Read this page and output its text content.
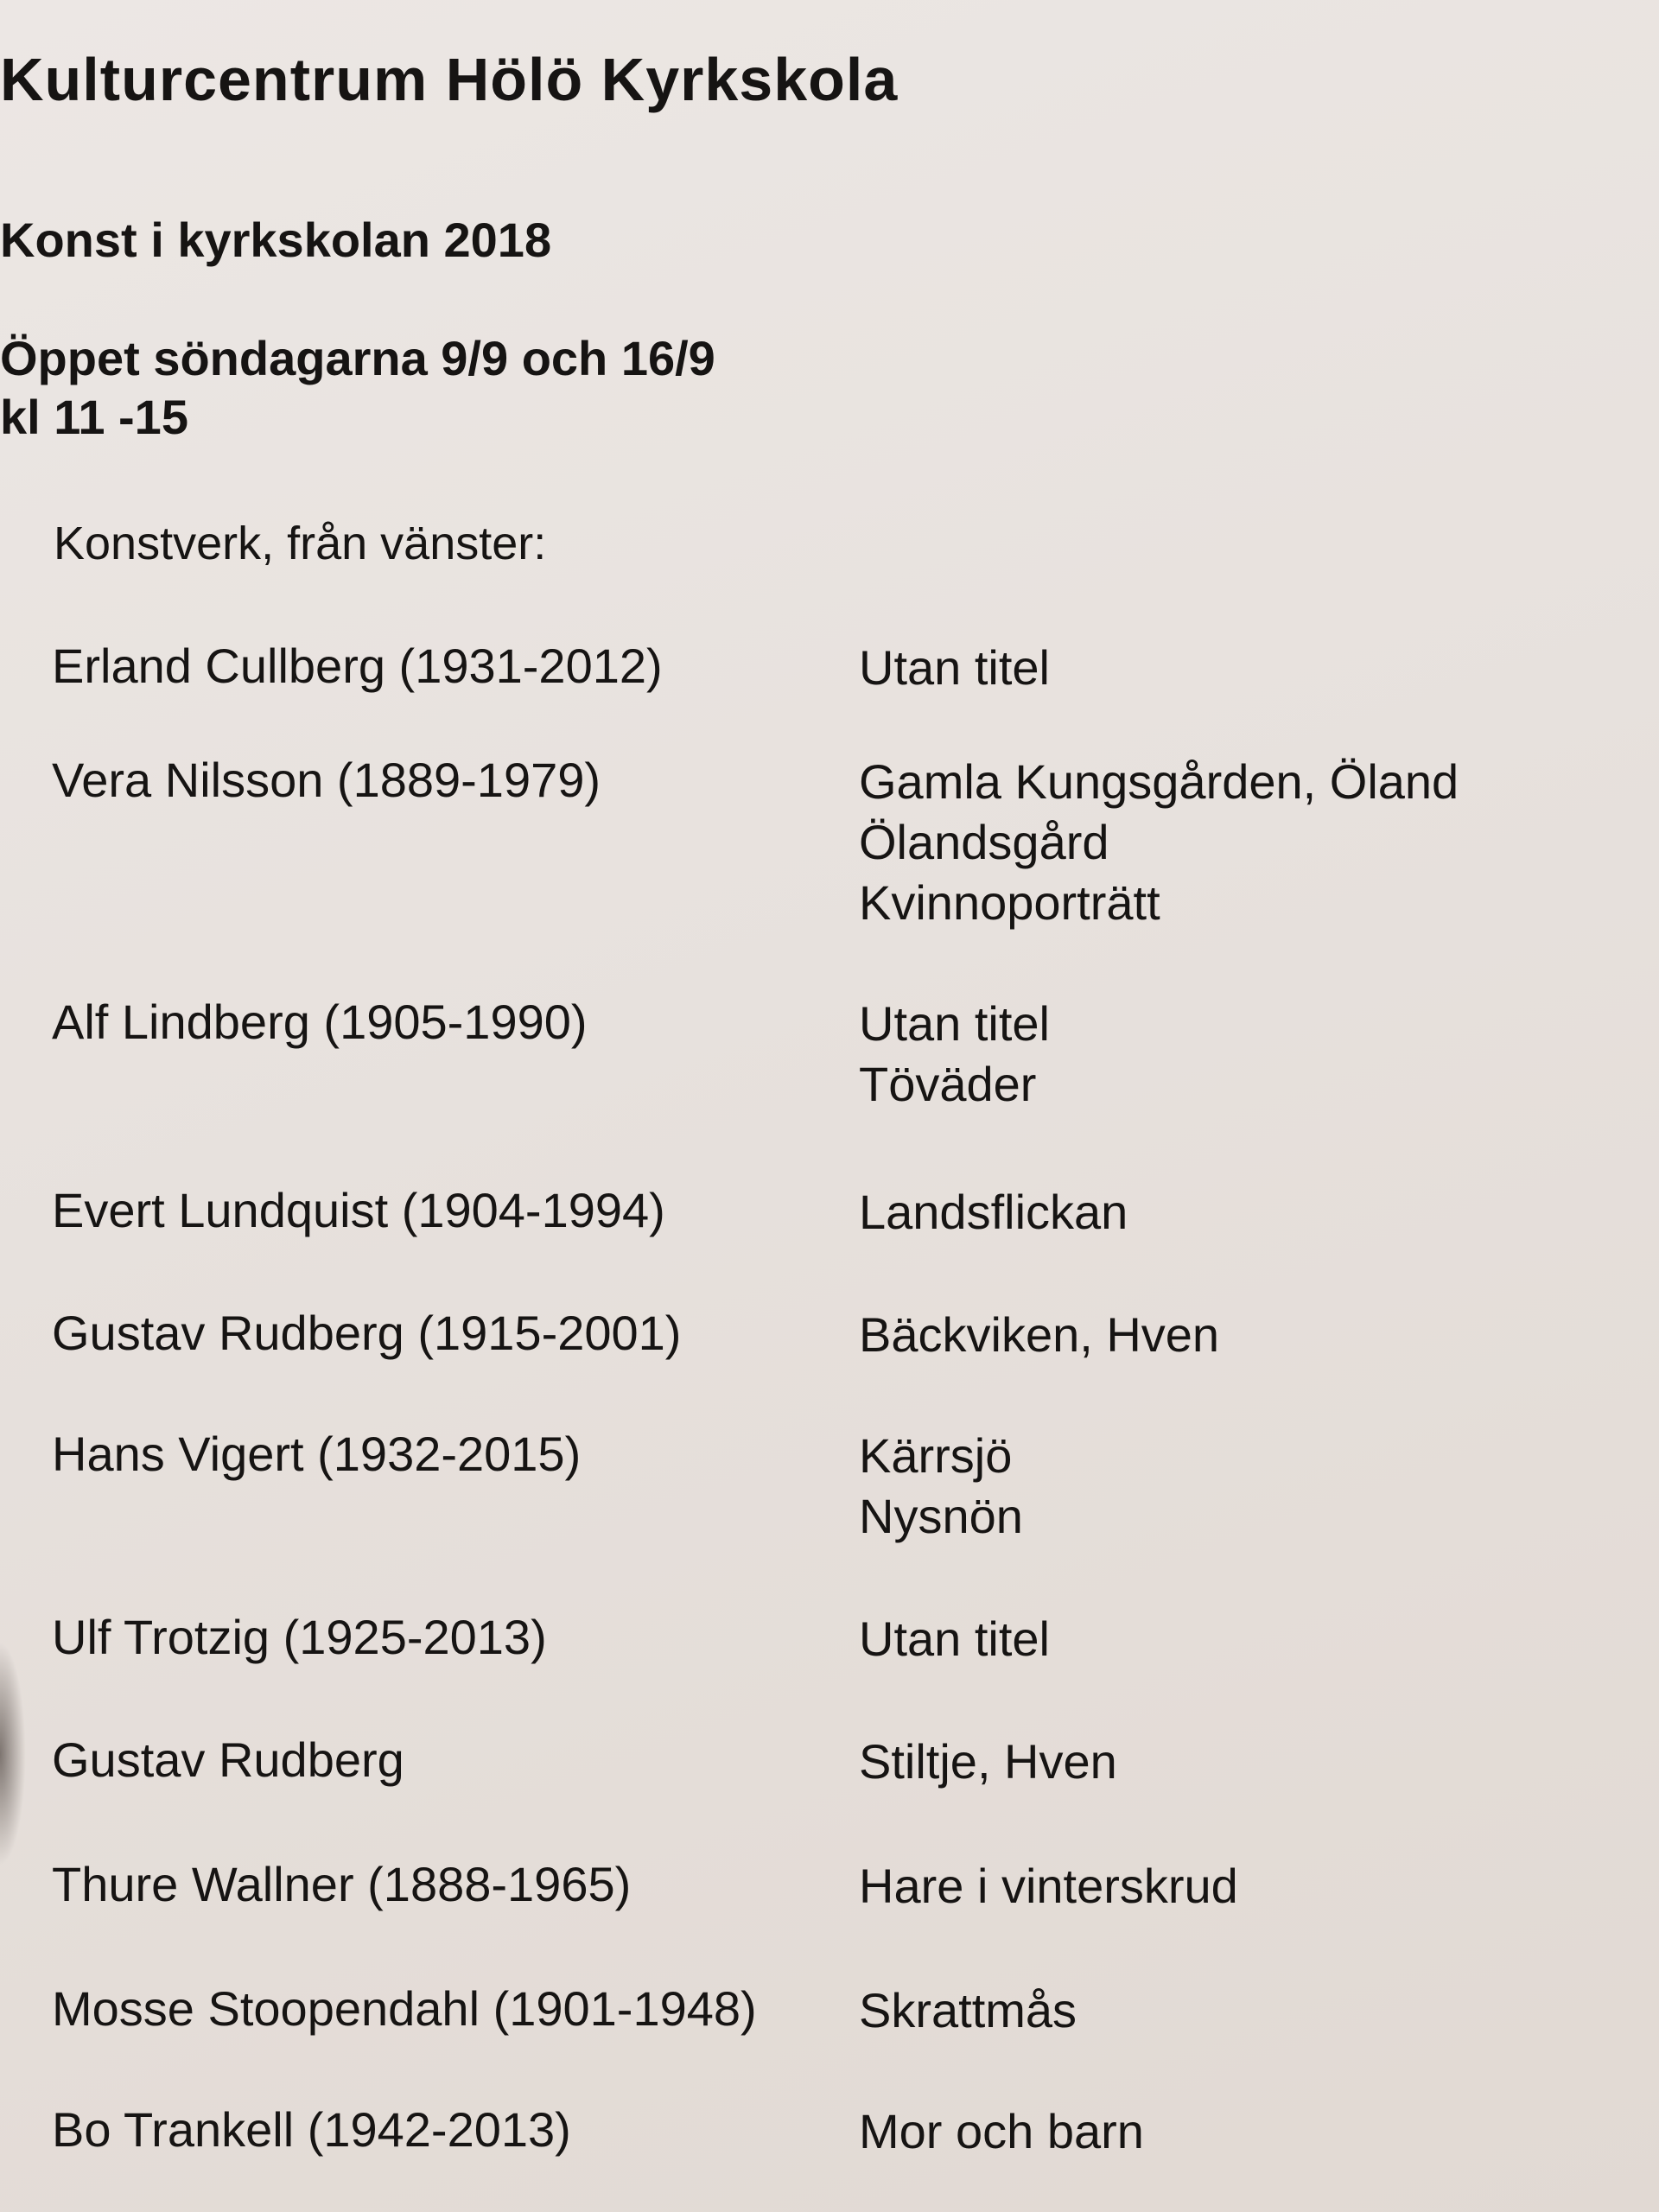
Kulturcentrum Hölö Kyrkskola
Konst i kyrkskolan 2018
Öppet söndagarna 9/9 och 16/9
kl 11 -15
Konstverk, från vänster:
Erland Cullberg (1931-2012)	Utan titel
Vera Nilsson (1889-1979)	Gamla Kungsgården, Öland
Ölandsgård
Kvinnoporträtt
Alf Lindberg (1905-1990)	Utan titel
Töväder
Evert Lundquist (1904-1994)	Landsflickan
Gustav Rudberg (1915-2001)	Bäckviken, Hven
Hans Vigert (1932-2015)	Kärrsjö
Nysnön
Ulf Trotzig (1925-2013)	Utan titel
Gustav Rudberg	Stiltje, Hven
Thure Wallner (1888-1965)	Hare i vinterskrud
Mosse Stoopendahl (1901-1948) Skrattmås
Bo Trankell (1942-2013)	Mor och barn
